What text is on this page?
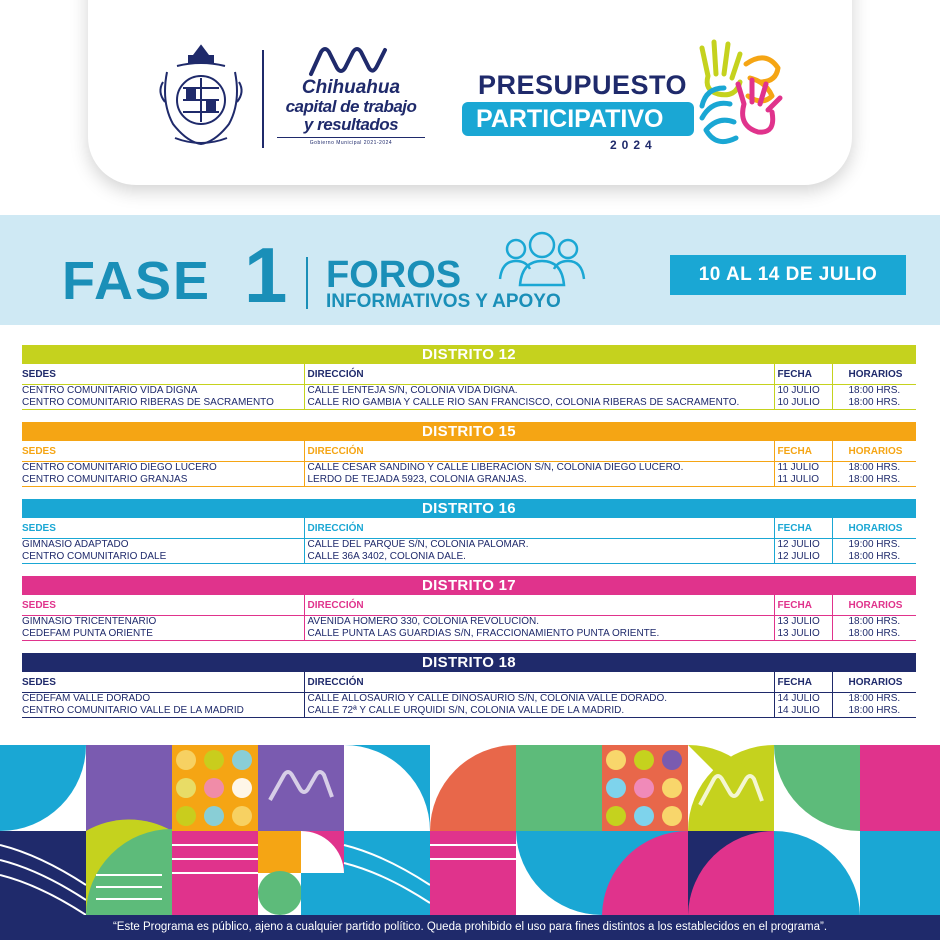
Chihuahua
capital de trabajo
y resultados
Gobierno Municipal 2021-2024
PRESUPUESTO
PARTICIPATIVO
2024
FASE 1 FOROS
INFORMATIVOS Y APOYO
10 AL 14 DE JULIO
DISTRITO 12
SEDES	DIRECCIÓN	FECHA	HORARIOS
CENTRO COMUNITARIO VIDA DIGNA	CALLE LENTEJA S/N, COLONIA VIDA DIGNA.	10 JULIO	18:00 HRS.
CENTRO COMUNITARIO RIBERAS DE SACRAMENTO	CALLE RÍO GAMBIA Y CALLE RÍO SAN FRANCISCO, COLONIA RIBERAS DE SACRAMENTO.	10 JULIO	18:00 HRS.
DISTRITO 15
SEDES	DIRECCIÓN	FECHA	HORARIOS
CENTRO COMUNITARIO DIEGO LUCERO	CALLE CESAR SANDINO Y CALLE LIBERACIÓN S/N, COLONIA DIEGO LUCERO.	11 JULIO	18:00 HRS.
CENTRO COMUNITARIO GRANJAS	LERDO DE TEJADA 5923, COLONIA GRANJAS.	11 JULIO	18:00 HRS.
DISTRITO 16
SEDES	DIRECCIÓN	FECHA	HORARIOS
GIMNASIO ADAPTADO	CALLE DEL PARQUE S/N, COLONIA PALOMAR.	12 JULIO	19:00 HRS.
CENTRO COMUNITARIO DALE	CALLE 36A 3402, COLONIA DALE.	12 JULIO	18:00 HRS.
DISTRITO 17
SEDES	DIRECCIÓN	FECHA	HORARIOS
GIMNASIO TRICENTENARIO	AVENIDA HOMERO 330, COLONIA REVOLUCIÓN.	13 JULIO	18:00 HRS.
CEDEFAM PUNTA ORIENTE	CALLE PUNTA LAS GUARDIAS S/N, FRACCIONAMIENTO PUNTA ORIENTE.	13 JULIO	18:00 HRS.
DISTRITO 18
SEDES	DIRECCIÓN	FECHA	HORARIOS
CEDEFAM VALLE DORADO	CALLE ALLOSAURIO Y CALLE DINOSAURIO S/N, COLONIA VALLE DORADO.	14 JULIO	18:00 HRS.
CENTRO COMUNITARIO VALLE DE LA MADRID	CALLE 72ª Y CALLE URQUIDI S/N, COLONIA VALLE DE LA MADRID.	14 JULIO	18:00 HRS.
“Este Programa es público, ajeno a cualquier partido político. Queda prohibido el uso para fines distintos a los establecidos en el programa”.
